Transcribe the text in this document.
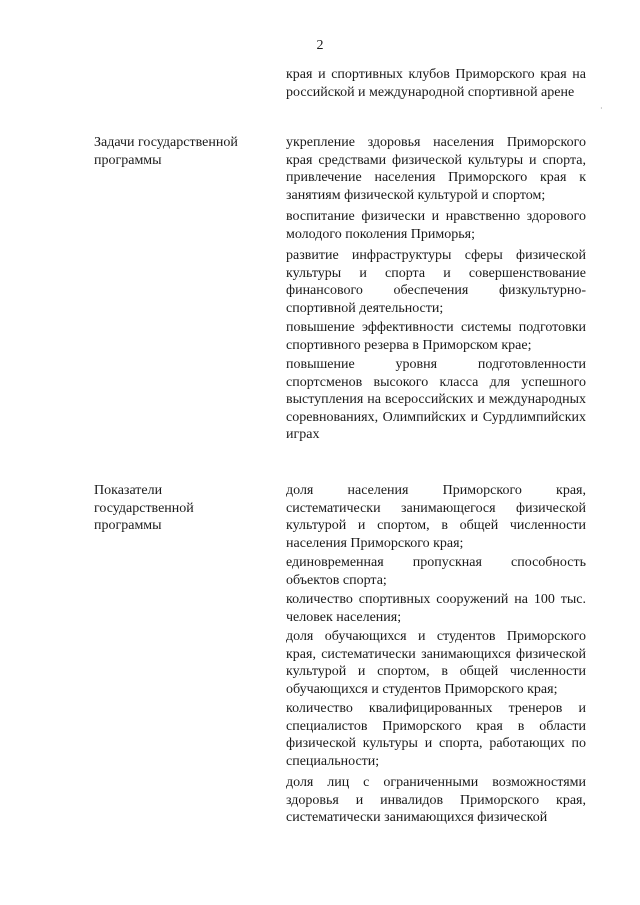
2
·

края и спортивных клубов Приморского края на российской и международной спортивной арене

Задачи государственной программы

укрепление здоровья населения Приморского края средствами физической культуры и спорта, привлечение населения Приморского края к занятиям физической культурой и спортом;

воспитание физически и нравственно здорового молодого поколения Приморья;

развитие инфраструктуры сферы физической культуры и спорта и совершенствование финансового обеспечения физкультурно-спортивной деятельности;

повышение эффективности системы подготовки спортивного резерва в Приморском крае;

повышение уровня подготовленности спортсменов высокого класса для успешного выступления на всероссийских и международных соревнованиях, Олимпийских и Сурдлимпийских играх

Показатели государственной программы

доля населения Приморского края, систематически занимающегося физической культурой и спортом, в общей численности населения Приморского края;

единовременная пропускная способность объектов спорта;

количество спортивных сооружений на 100 тыс. человек населения;

доля обучающихся и студентов Приморского края, систематически занимающихся физической культурой и спортом, в общей численности обучающихся и студентов Приморского края;

количество квалифицированных тренеров и специалистов Приморского края в области физической культуры и спорта, работающих по специальности;

доля лиц с ограниченными возможностями здоровья и инвалидов Приморского края, систематически занимающихся физической
